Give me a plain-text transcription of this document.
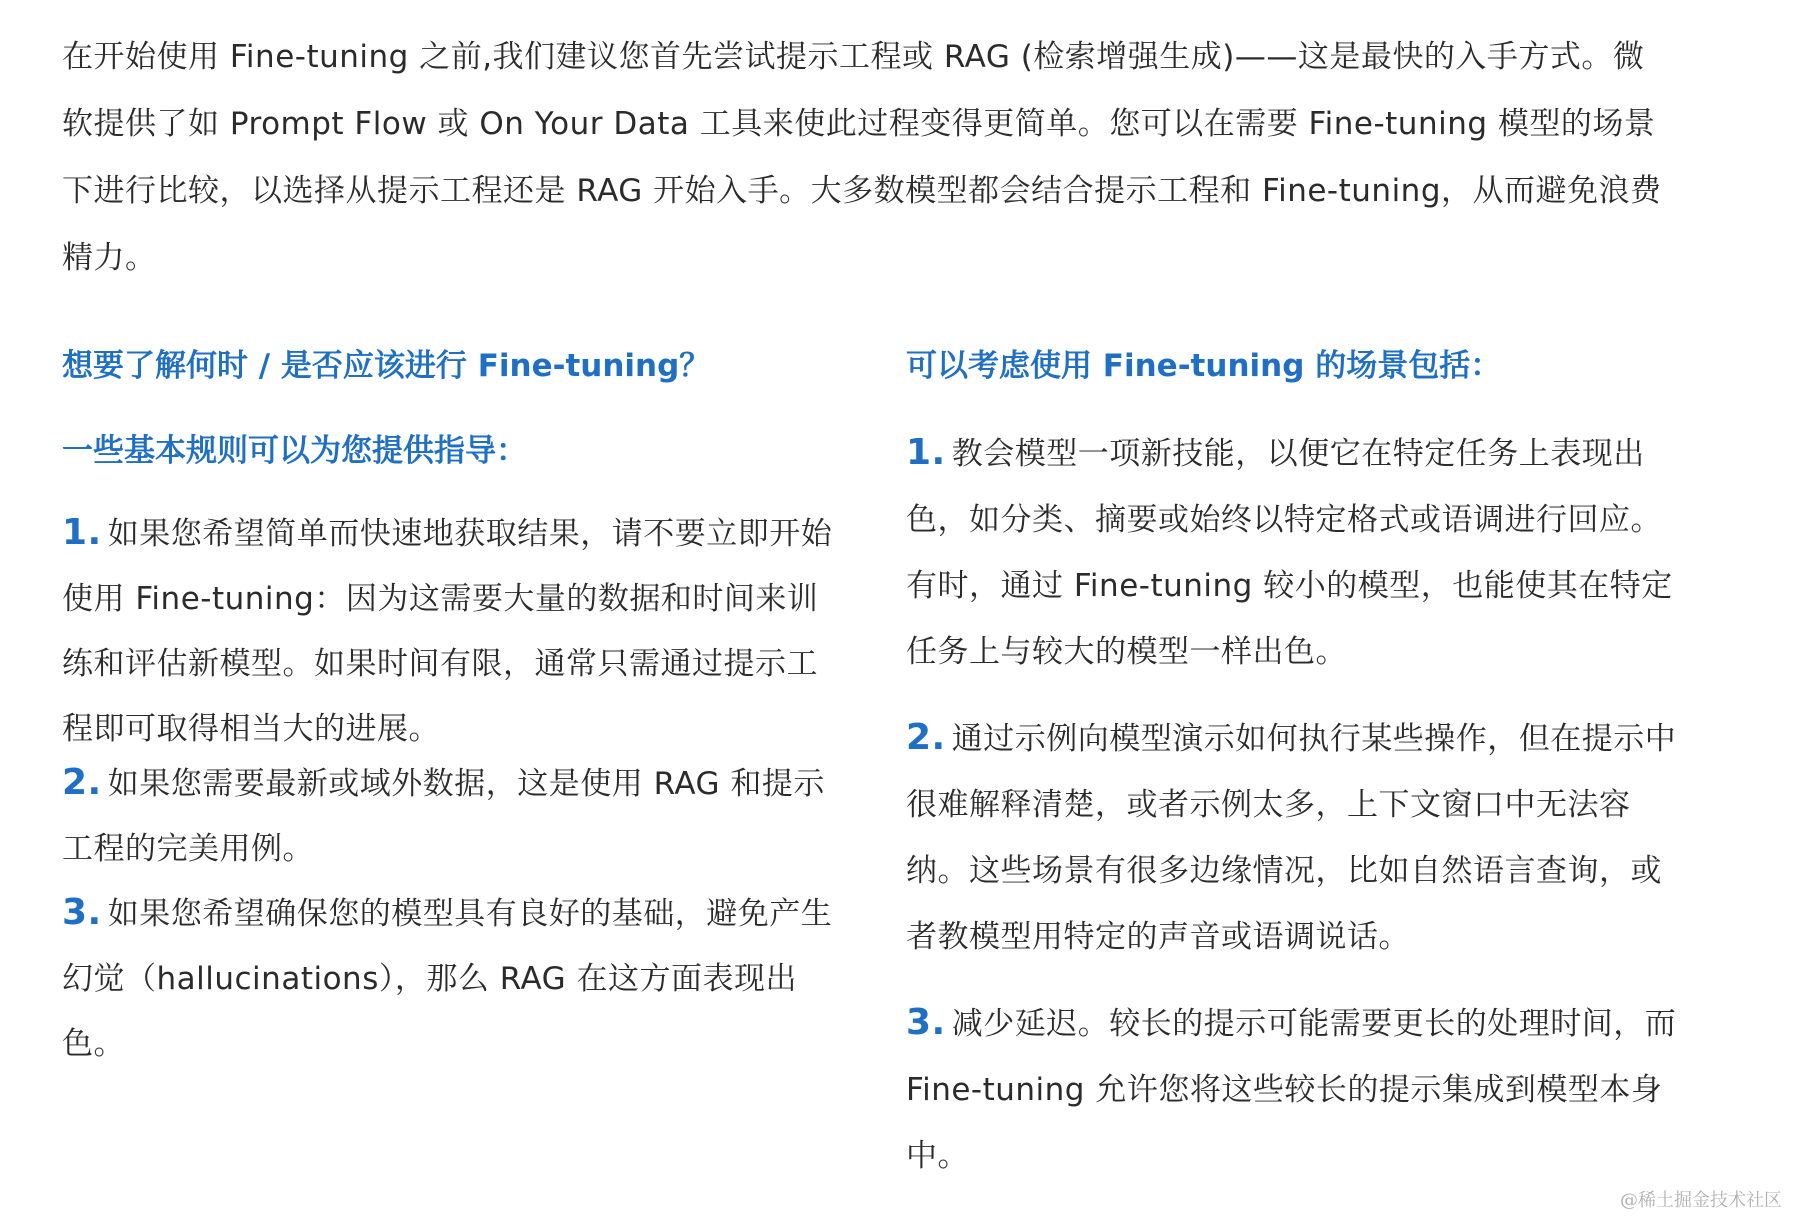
在开始使用 Fine-tuning 之前,我们建议您首先尝试提示工程或 RAG (检索增强生成)——这是最快的入手方式。微软提供了如 Prompt Flow 或 On Your Data 工具来使此过程变得更简单。您可以在需要 Fine-tuning 模型的场景下进行比较，以选择从提示工程还是 RAG 开始入手。大多数模型都会结合提示工程和 Fine-tuning，从而避免浪费精力。

想要了解何时 / 是否应该进行 Fine-tuning？

一些基本规则可以为您提供指导：

1. 如果您希望简单而快速地获取结果，请不要立即开始使用 Fine-tuning：因为这需要大量的数据和时间来训练和评估新模型。如果时间有限，通常只需通过提示工程即可取得相当大的进展。

2. 如果您需要最新或域外数据，这是使用 RAG 和提示工程的完美用例。

3. 如果您希望确保您的模型具有良好的基础，避免产生幻觉（hallucinations），那么 RAG 在这方面表现出色。

可以考虑使用 Fine-tuning 的场景包括：

1. 教会模型一项新技能，以便它在特定任务上表现出色，如分类、摘要或始终以特定格式或语调进行回应。有时，通过 Fine-tuning 较小的模型，也能使其在特定任务上与较大的模型一样出色。

2. 通过示例向模型演示如何执行某些操作，但在提示中很难解释清楚，或者示例太多，上下文窗口中无法容纳。这些场景有很多边缘情况，比如自然语言查询，或者教模型用特定的声音或语调说话。

3. 减少延迟。较长的提示可能需要更长的处理时间，而 Fine-tuning 允许您将这些较长的提示集成到模型本身中。

@稀土掘金技术社区
